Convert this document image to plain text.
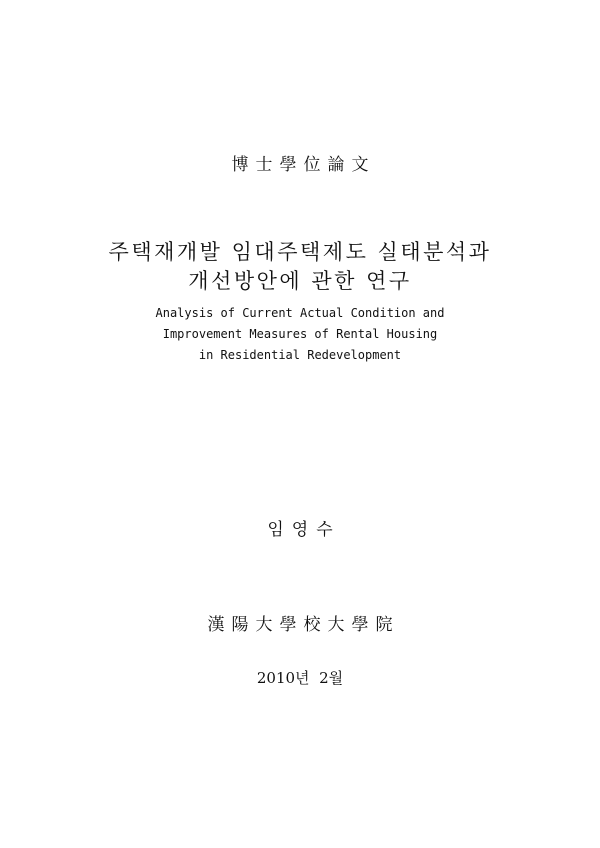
博士學位論文
주택재개발 임대주택제도 실태분석과
개선방안에 관한 연구
Analysis of Current Actual Condition and
Improvement Measures of Rental Housing
in Residential Redevelopment
임영수
漢陽大學校大學院
2010년  2월
